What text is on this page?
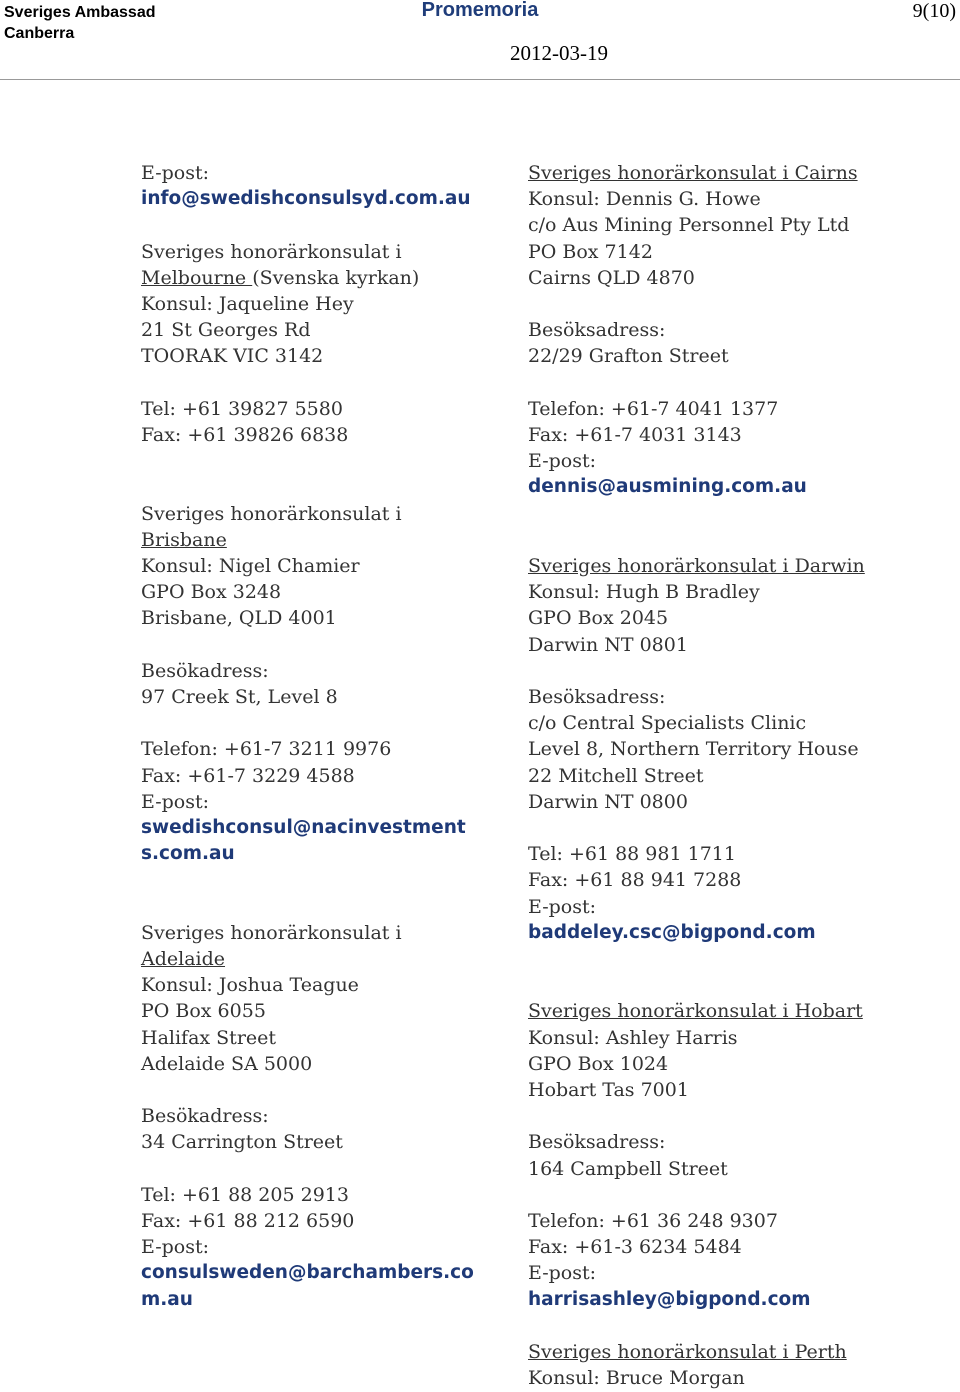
Sveriges Ambassad
Canberra
Promemoria	9(10)
2012-03-19
E-post:
info@swedishconsulsyd.com.au
Sveriges honorärkonsulat i
Melbourne (Svenska kyrkan)
Konsul: Jaqueline Hey
21 St Georges Rd
TOORAK VIC 3142
Tel: +61 39827 5580
Fax: +61 39826 6838
Sveriges honorärkonsulat i
Brisbane
Konsul: Nigel Chamier
GPO Box 3248
Brisbane, QLD 4001
Besökadress:
97 Creek St, Level 8
Telefon: +61-7 3211 9976
Fax: +61-7 3229 4588
E-post:
swedishconsul@nacinvestment
s.com.au
Sveriges honorärkonsulat i
Adelaide
Konsul: Joshua Teague
PO Box 6055
Halifax Street
Adelaide SA 5000
Besökadress:
34 Carrington Street
Tel: +61 88 205 2913
Fax: +61 88 212 6590
E-post:
consulsweden@barchambers.co
m.au
Sveriges honorärkonsulat i Cairns
Konsul: Dennis G. Howe
c/o Aus Mining Personnel Pty Ltd
PO Box 7142
Cairns QLD 4870
Besöksadress:
22/29 Grafton Street
Telefon: +61-7 4041 1377
Fax: +61-7 4031 3143
E-post:
dennis@ausmining.com.au
Sveriges honorärkonsulat i Darwin
Konsul: Hugh B Bradley
GPO Box 2045
Darwin NT 0801
Besöksadress:
c/o Central Specialists Clinic
Level 8, Northern Territory House
22 Mitchell Street
Darwin NT 0800
Tel: +61 88 981 1711
Fax: +61 88 941 7288
E-post:
baddeley.csc@bigpond.com
Sveriges honorärkonsulat i Hobart
Konsul: Ashley Harris
GPO Box 1024
Hobart Tas 7001
Besöksadress:
164 Campbell Street
Telefon: +61 36 248 9307
Fax: +61-3 6234 5484
E-post:
harrisashley@bigpond.com
Sveriges honorärkonsulat i Perth
Konsul: Bruce Morgan
